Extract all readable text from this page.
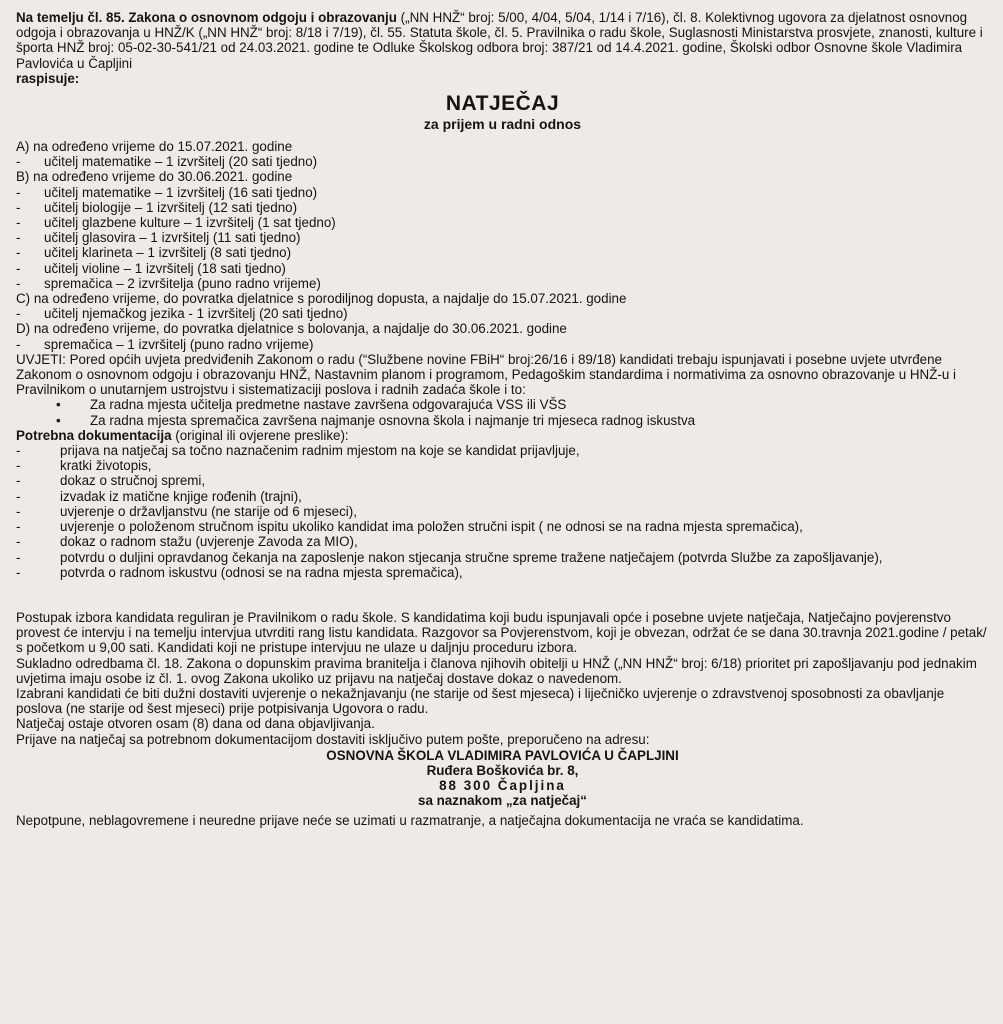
Na temelju čl. 85. Zakona o osnovnom odgoju i obrazovanju („NN HNŽ“ broj: 5/00, 4/04, 5/04, 1/14 i 7/16), čl. 8. Kolektivnog ugovora za djelatnost osnovnog odgoja i obrazovanja u HNŽ/K („NN HNŽ“ broj: 8/18 i 7/19), čl. 55. Statuta škole, čl. 5. Pravilnika o radu škole, Suglasnosti Ministarstva prosvjete, znanosti, kulture i športa HNŽ broj: 05-02-30-541/21 od 24.03.2021. godine te Odluke Školskog odbora broj: 387/21 od 14.4.2021. godine, Školski odbor Osnovne škole Vladimira Pavlovića u Čapljini

raspisuje:

NATJEČAJ
za prijem u radni odnos

A) na određeno vrijeme do 15.07.2021. godine

-	učitelj matematike – 1 izvršitelj (20 sati tjedno)

B) na određeno vrijeme do 30.06.2021. godine

-	učitelj matematike – 1 izvršitelj (16 sati tjedno)
-	učitelj biologije – 1 izvršitelj (12 sati tjedno)
-	učitelj glazbene kulture – 1 izvršitelj (1 sat tjedno)
-	učitelj glasovira – 1 izvršitelj (11 sati tjedno)
-	učitelj klarineta – 1 izvršitelj (8 sati tjedno)
-	učitelj violine – 1 izvršitelj (18 sati tjedno)
-	spremačica – 2 izvršitelja (puno radno vrijeme)

C) na određeno vrijeme, do povratka djelatnice s porodiljnog dopusta, a najdalje do 15.07.2021. godine

-	učitelj njemačkog jezika - 1 izvršitelj (20 sati tjedno)

D) na određeno vrijeme, do povratka djelatnice s bolovanja, a najdalje do 30.06.2021. godine

-	spremačica – 1 izvršitelj (puno radno vrijeme)

UVJETI: Pored općih uvjeta predviđenih Zakonom o radu (“Službene novine FBiH“ broj:26/16 i 89/18) kandidati trebaju ispunjavati i posebne uvjete utvrđene Zakonom o osnovnom odgoju i obrazovanju HNŽ, Nastavnim planom i programom, Pedagoškim standardima i normativima za osnovno obrazovanje u HNŽ-u i Pravilnikom o unutarnjem ustrojstvu i sistematizaciji poslova i radnih zadaća škole i to:

•	Za radna mjesta učitelja predmetne nastave završena odgovarajuća VSS ili VŠS
•	Za radna mjesta spremačica završena najmanje osnovna škola i najmanje tri mjeseca radnog iskustva

Potrebna dokumentacija (original ili ovjerene preslike):

-	prijava na natječaj sa točno naznačenim radnim mjestom na koje se kandidat prijavljuje,
-	kratki životopis,
-	dokaz o stručnoj spremi,
-	izvadak iz matične knjige rođenih (trajni),
-	uvjerenje o državljanstvu (ne starije od 6 mjeseci),
-	uvjerenje o položenom stručnom ispitu ukoliko kandidat ima položen stručni ispit ( ne odnosi se na radna mjesta spremačica),
-	dokaz o radnom stažu (uvjerenje Zavoda za MIO),
-	potvrdu o duljini opravdanog čekanja na zaposlenje nakon stjecanja stručne spreme tražene natječajem (potvrda Službe za zapošljavanje),
-	potvrda o radnom iskustvu (odnosi se na radna mjesta spremačica),

Postupak izbora kandidata reguliran je Pravilnikom o radu škole. S kandidatima koji budu ispunjavali opće i posebne uvjete natječaja, Natječajno povjerenstvo provest će intervju i na temelju intervjua utvrditi rang listu kandidata. Razgovor sa Povjerenstvom, koji je obvezan, održat će se dana 30.travnja 2021.godine / petak/ s početkom u 9,00 sati. Kandidati koji ne pristupe intervjuu ne ulaze u daljnju proceduru izbora.

Sukladno odredbama čl. 18. Zakona o dopunskim pravima branitelja i članova njihovih obitelji u HNŽ („NN HNŽ“ broj: 6/18) prioritet pri zapošljavanju pod jednakim uvjetima imaju osobe iz čl. 1. ovog Zakona ukoliko uz prijavu na natječaj dostave dokaz o navedenom.

Izabrani kandidati će biti dužni dostaviti uvjerenje o nekažnjavanju (ne starije od šest mjeseca) i liječničko uvjerenje o zdravstvenoj sposobnosti za obavljanje poslova (ne starije od šest mjeseci) prije potpisivanja Ugovora o radu.

Natječaj ostaje otvoren osam (8) dana od dana objavljivanja.

Prijave na natječaj sa potrebnom dokumentacijom dostaviti isključivo putem pošte, preporučeno na adresu:

OSNOVNA ŠKOLA VLADIMIRA PAVLOVIĆA U ČAPLJINI

Ruđera Boškovića br. 8,

88 300 Čapljina

sa naznakom „za natječaj“

Nepotpune, neblagovremene i neuredne prijave neće se uzimati u razmatranje, a natječajna dokumentacija ne vraća se kandidatima.
